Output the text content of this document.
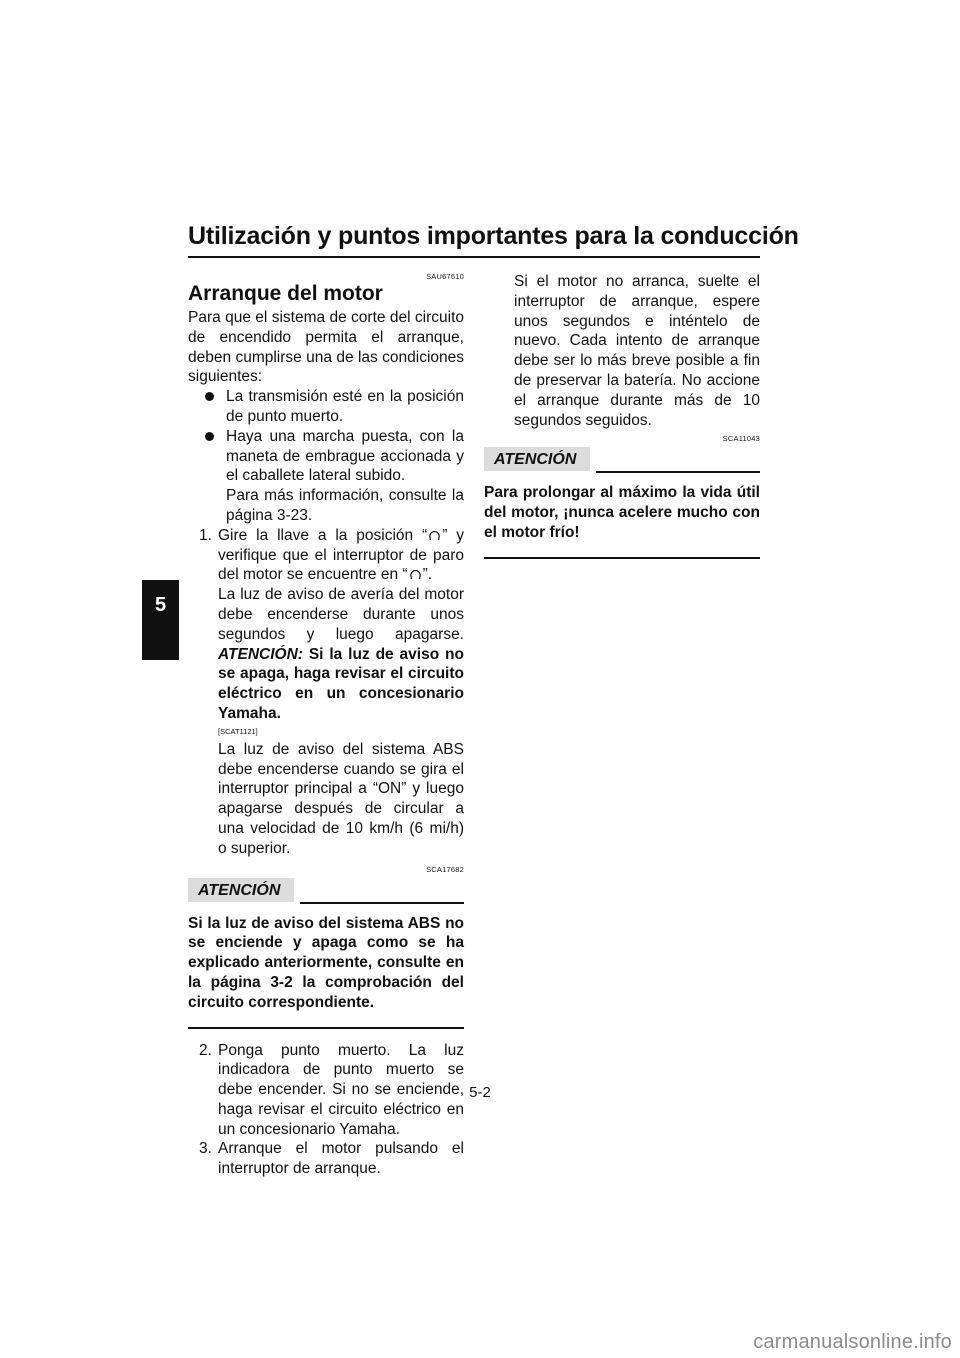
Utilización y puntos importantes para la conducción
5
SAU67610
Arranque del motor

Para que el sistema de corte del circuito de encendido permita el arranque, deben cumplirse una de las condiciones siguientes:

La transmisión esté en la posición de punto muerto.
Haya una marcha puesta, con la maneta de embrague accionada y el caballete lateral subido.
Para más información, consulte la página 3-23.
1. Gire la llave a la posición “ ” y verifique que el interruptor de paro del motor se encuentre en “ ”.
La luz de aviso de avería del motor debe encenderse durante unos segundos y luego apagarse. ATENCIÓN: Si la luz de aviso no se apaga, haga revisar el circuito eléctrico en un concesionario Yamaha.
[SCAT1121]
La luz de aviso del sistema ABS debe encenderse cuando se gira el interruptor principal a “ON” y luego apagarse después de circular a una velocidad de 10 km/h (6 mi/h) o superior.
SCA17682
ATENCIÓN
Si la luz de aviso del sistema ABS no se enciende y apaga como se ha explicado anteriormente, consulte en la página 3-2 la comprobación del circuito correspondiente.
2. Ponga punto muerto. La luz indicadora de punto muerto se debe encender. Si no se enciende, haga revisar el circuito eléctrico en un concesionario Yamaha.
3. Arranque el motor pulsando el interruptor de arranque.
Si el motor no arranca, suelte el interruptor de arranque, espere unos segundos e inténtelo de nuevo. Cada intento de arranque debe ser lo más breve posible a fin de preservar la batería. No accione el arranque durante más de 10 segundos seguidos.
SCA11043
ATENCIÓN
Para prolongar al máximo la vida útil del motor, ¡nunca acelere mucho con el motor frío!
5-2
carmanualsonline.info
